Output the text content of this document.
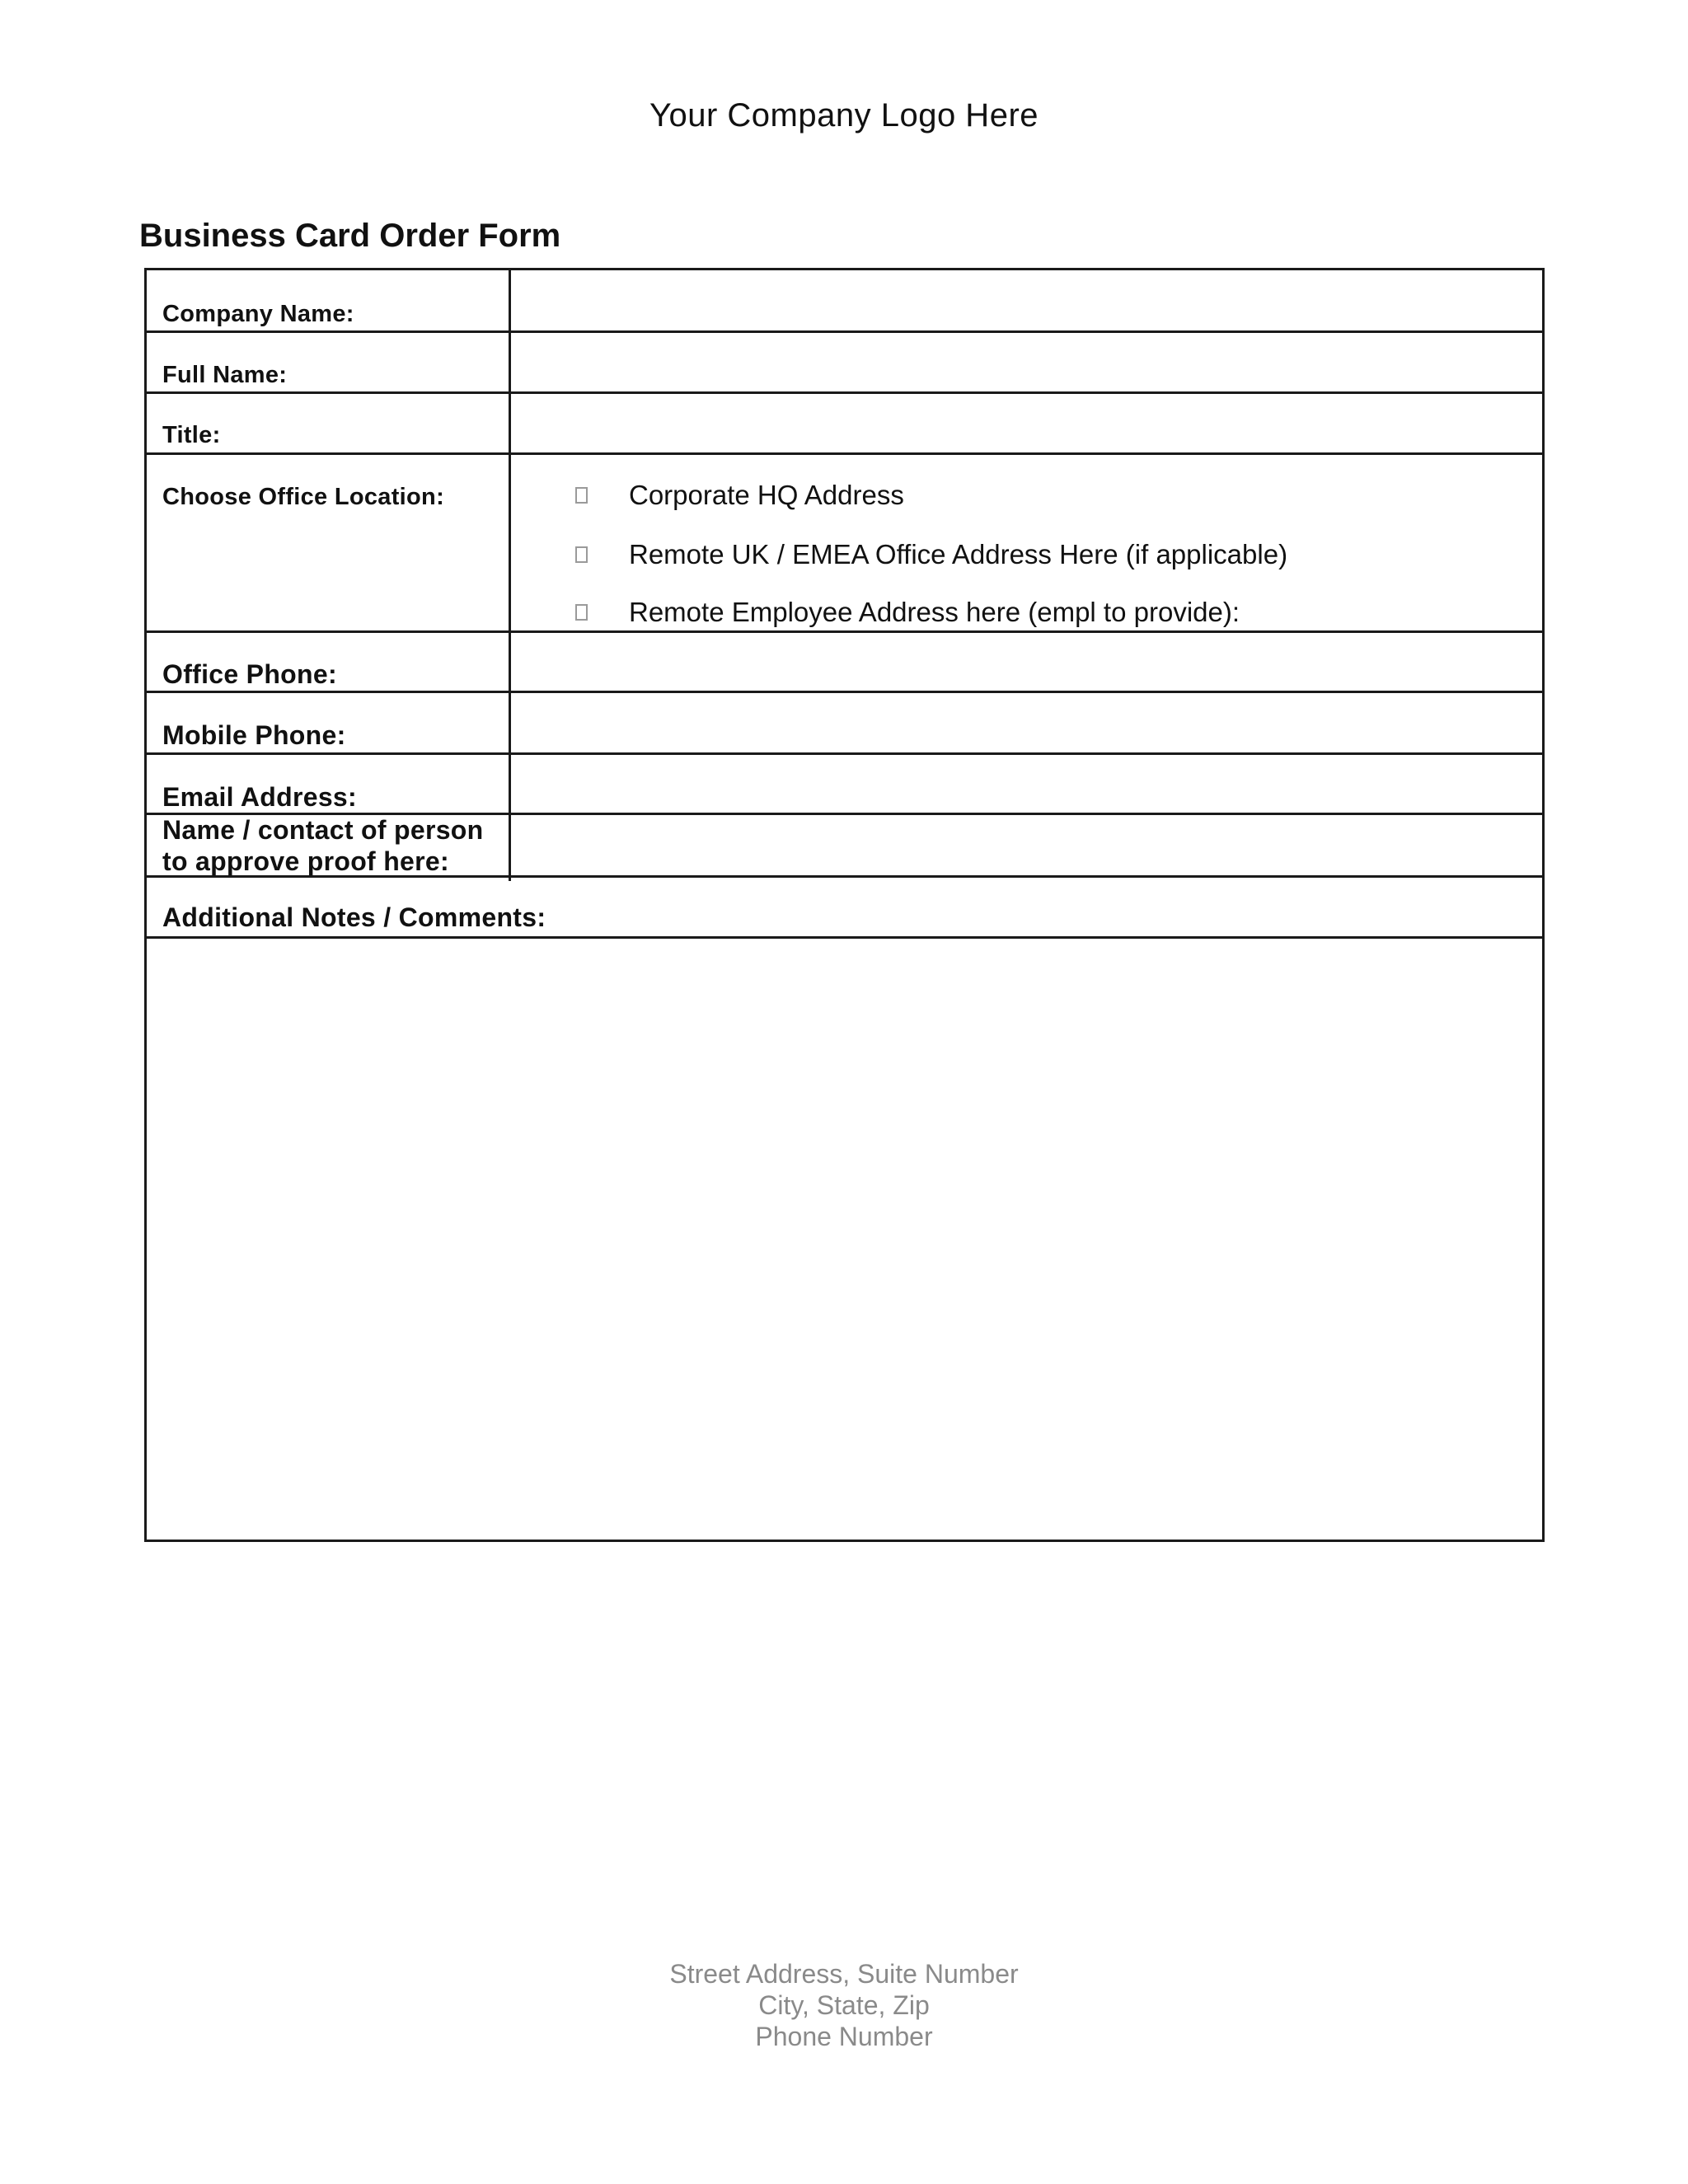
Your Company Logo Here
Business Card Order Form
Company Name:
Full Name:
Title:
Choose Office Location:
Office Phone:
Mobile Phone:
Email Address:
Name / contact of person
to approve proof here:
Additional Notes / Comments:
Corporate HQ Address
Remote UK / EMEA Office Address Here (if applicable)
Remote Employee Address here (empl to provide):
Street Address, Suite Number
City, State, Zip
Phone Number
